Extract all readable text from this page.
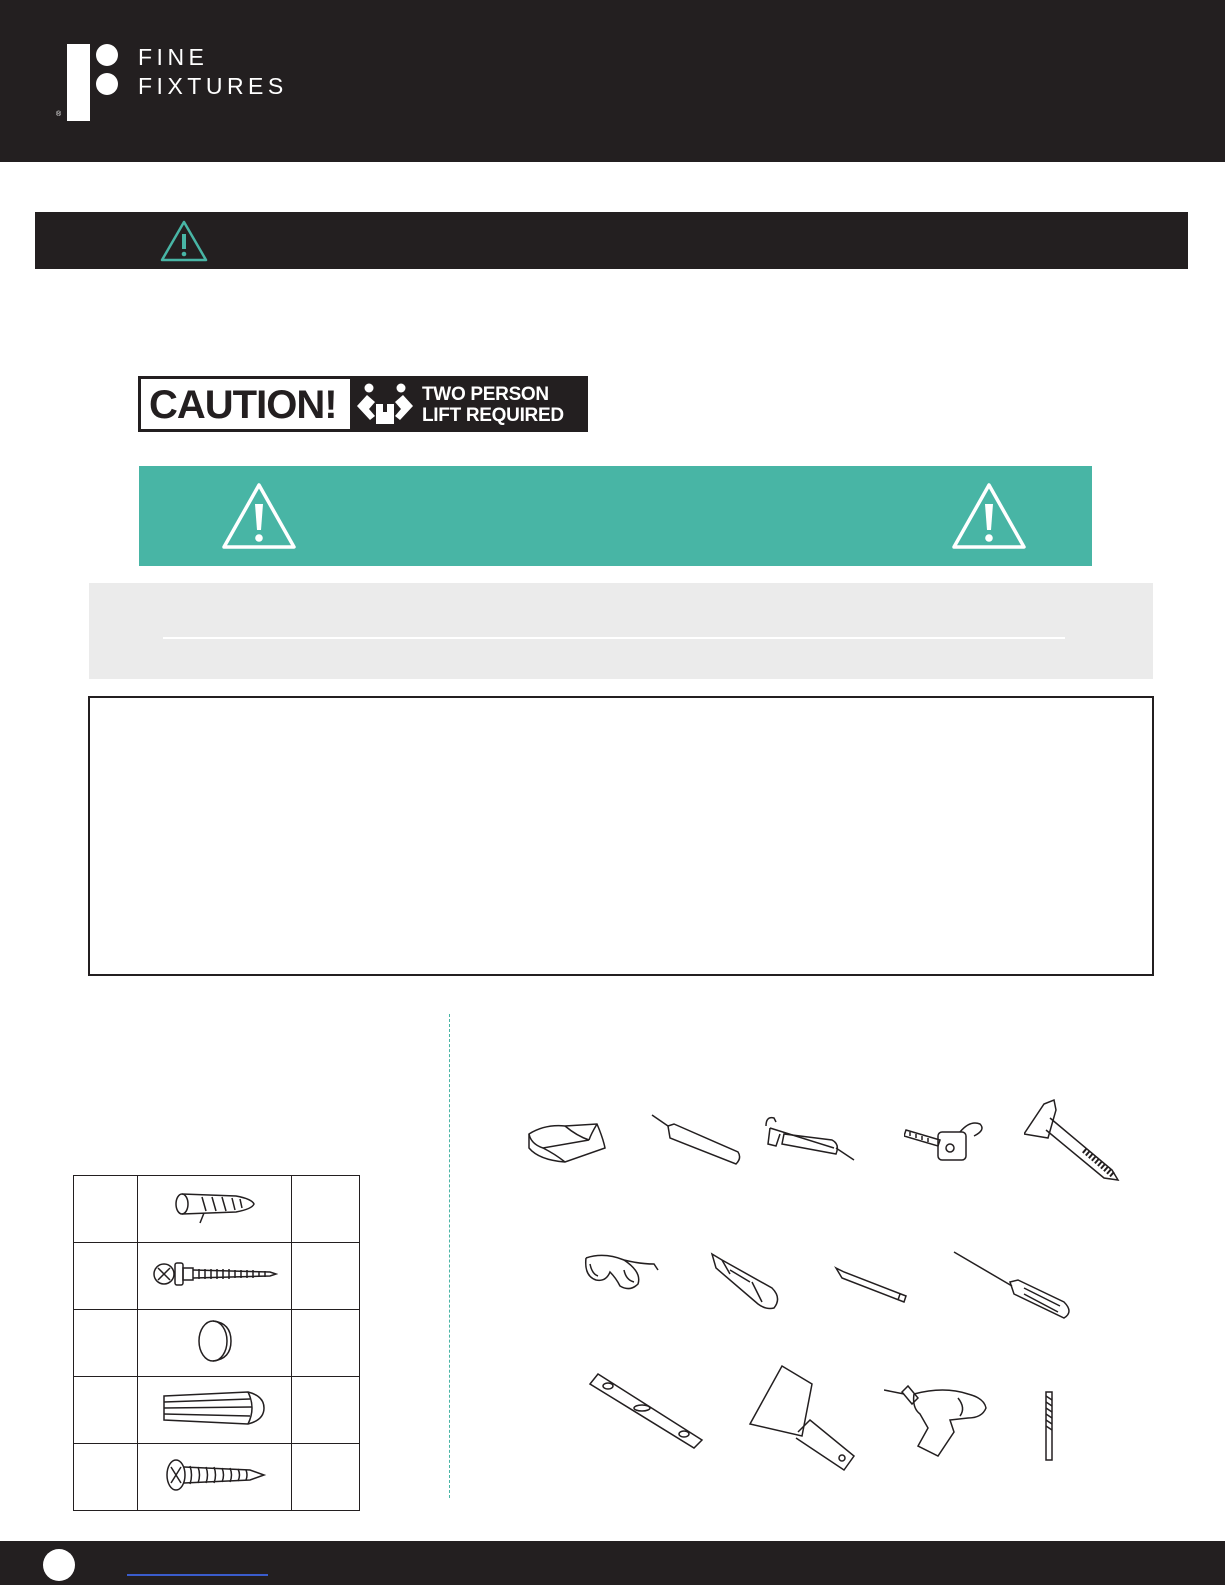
®
FINE
FIXTURES
CAUTION!	TWO PERSON
LIFT REQUIRED
